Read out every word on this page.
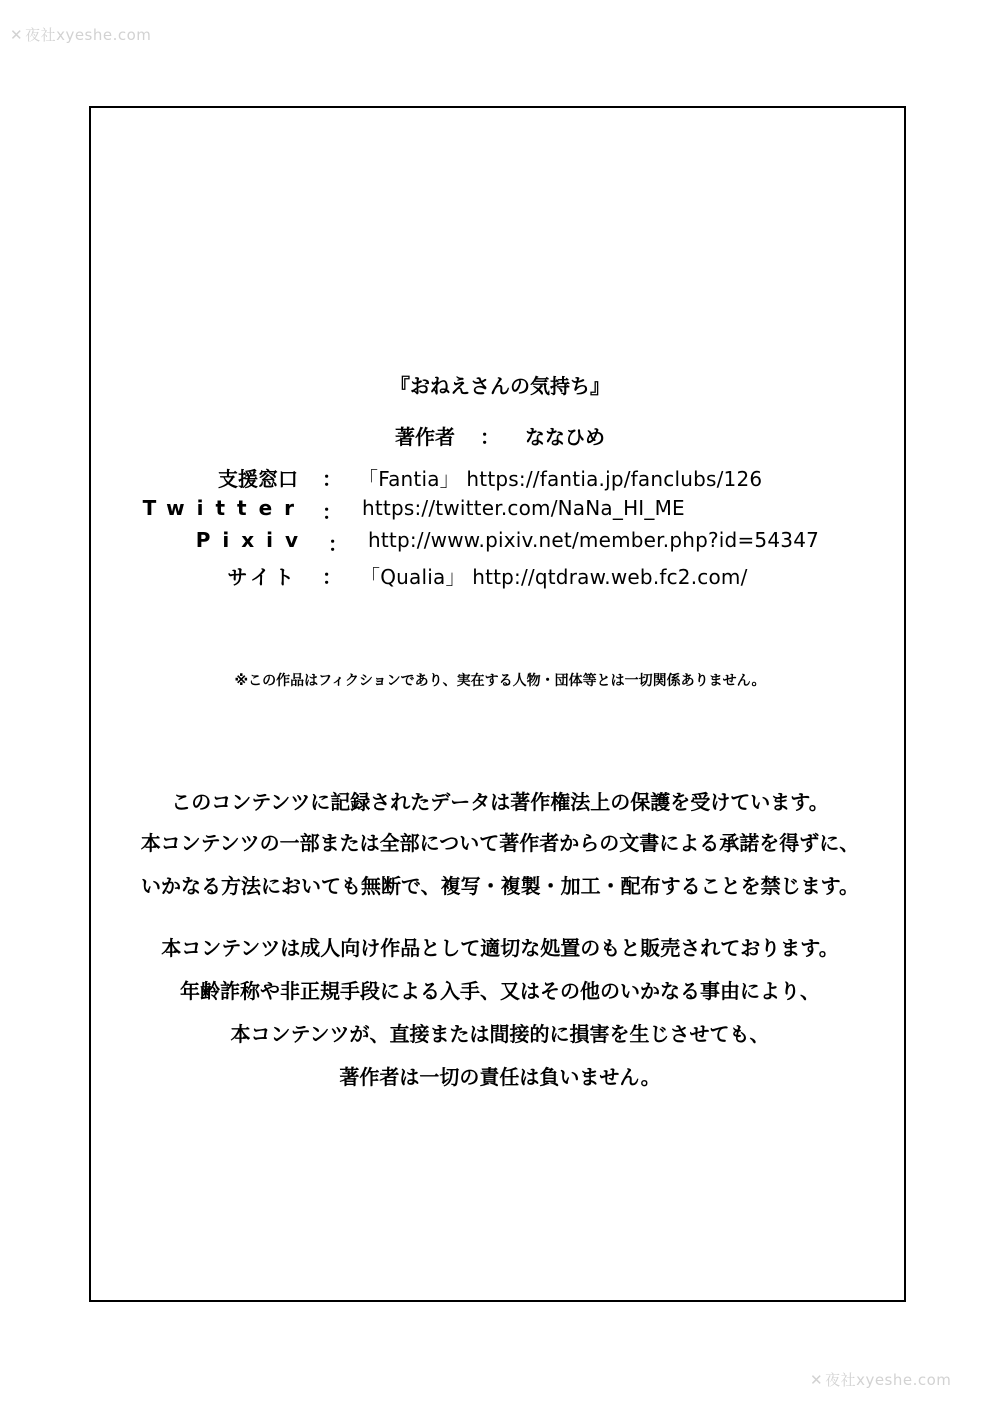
✕ 夜社xyeshe.com
『おねえさんの気持ち』
著作者 ： ななひめ
支援窓口 ： 「Fantia」 https://fantia.jp/fanclubs/126
Twitter ： https://twitter.com/NaNa_HI_ME
Pixiv ： http://www.pixiv.net/member.php?id=54347
サイト ： 「Qualia」 http://qtdraw.web.fc2.com/
※この作品はフィクションであり、実在する人物・団体等とは一切関係ありません。
このコンテンツに記録されたデータは著作権法上の保護を受けています。
本コンテンツの一部または全部について著作者からの文書による承諾を得ずに、
いかなる方法においても無断で、複写・複製・加工・配布することを禁じます。
本コンテンツは成人向け作品として適切な処置のもと販売されております。
年齢詐称や非正規手段による入手、又はその他のいかなる事由により、
本コンテンツが、直接または間接的に損害を生じさせても、
著作者は一切の責任は負いません。
✕ 夜社xyeshe.com
